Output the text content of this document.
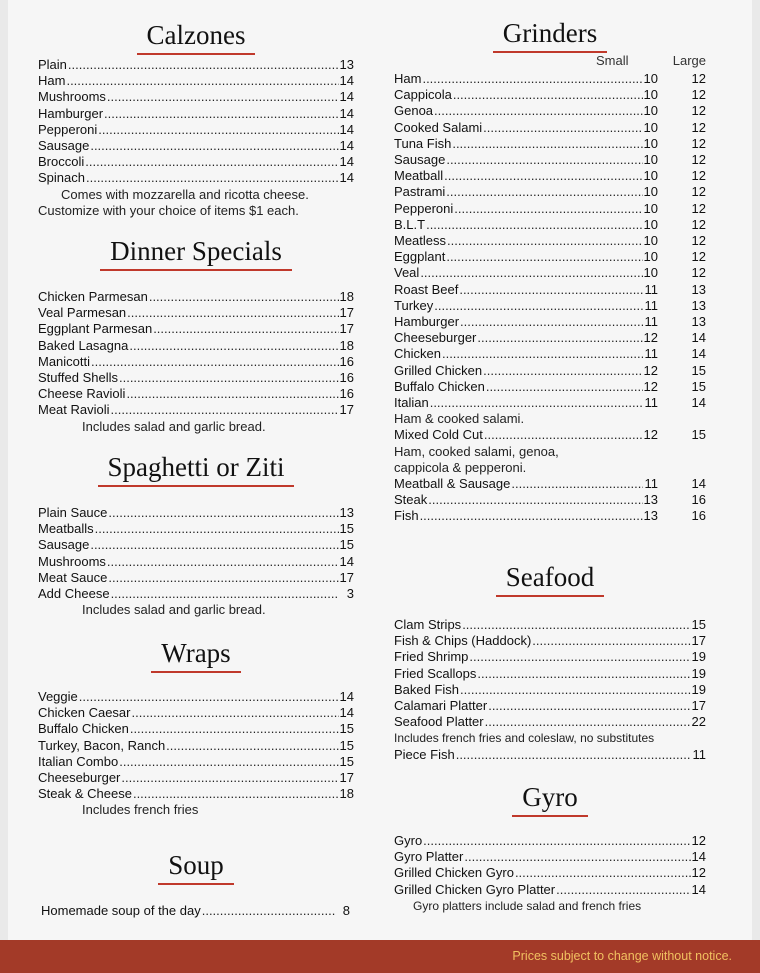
Calzones
Plain .....	13
Ham .....	14
Mushrooms .....	14
Hamburger .....	14
Pepperoni .....	14
Sausage .....	14
Broccoli .....	14
Spinach .....	14
Comes with mozzarella and ricotta cheese.
Customize with your choice of items $1 each.
Dinner Specials
Chicken Parmesan .....	18
Veal Parmesan .....	17
Eggplant Parmesan .....	17
Baked Lasagna .....	18
Manicotti .....	16
Stuffed Shells .....	16
Cheese Ravioli .....	16
Meat Ravioli .....	17
Includes salad and garlic bread.
Spaghetti or Ziti
Plain Sauce .....	13
Meatballs .....	15
Sausage .....	15
Mushrooms .....	14
Meat Sauce .....	17
Add Cheese .....	3
Includes salad and garlic bread.
Wraps
Veggie .....	14
Chicken Caesar .....	14
Buffalo Chicken .....	15
Turkey, Bacon, Ranch .....	15
Italian Combo .....	15
Cheeseburger .....	17
Steak & Cheese .....	18
Includes french fries
Soup
Homemade soup of the day .....	8
Grinders
Small	Large
Ham .....	10	12
Cappicola .....	10	12
Genoa .....	10	12
Cooked Salami .....	10	12
Tuna Fish .....	10	12
Sausage .....	10	12
Meatball .....	10	12
Pastrami .....	10	12
Pepperoni .....	10	12
B.L.T .....	10	12
Meatless .....	10	12
Eggplant .....	10	12
Veal .....	10	12
Roast Beef .....	11	13
Turkey .....	11	13
Hamburger .....	11	13
Cheeseburger .....	12	14
Chicken .....	11	14
Grilled Chicken .....	12	15
Buffalo Chicken .....	12	15
Italian .....	11	14
Ham & cooked salami.
Mixed Cold Cut .....	12	15
Ham, cooked salami, genoa,
cappicola & pepperoni.
Meatball & Sausage .....	11	14
Steak .....	13	16
Fish .....	13	16
Seafood
Clam Strips .....	15
Fish & Chips (Haddock) .....	17
Fried Shrimp .....	19
Fried Scallops .....	19
Baked Fish .....	19
Calamari Platter .....	17
Seafood Platter .....	22
Includes french fries and coleslaw, no substitutes
Piece Fish .....	11
Gyro
Gyro .....	12
Gyro Platter .....	14
Grilled Chicken Gyro .....	12
Grilled Chicken Gyro Platter .....	14
Gyro platters include salad and french fries
Prices subject to change without notice.
